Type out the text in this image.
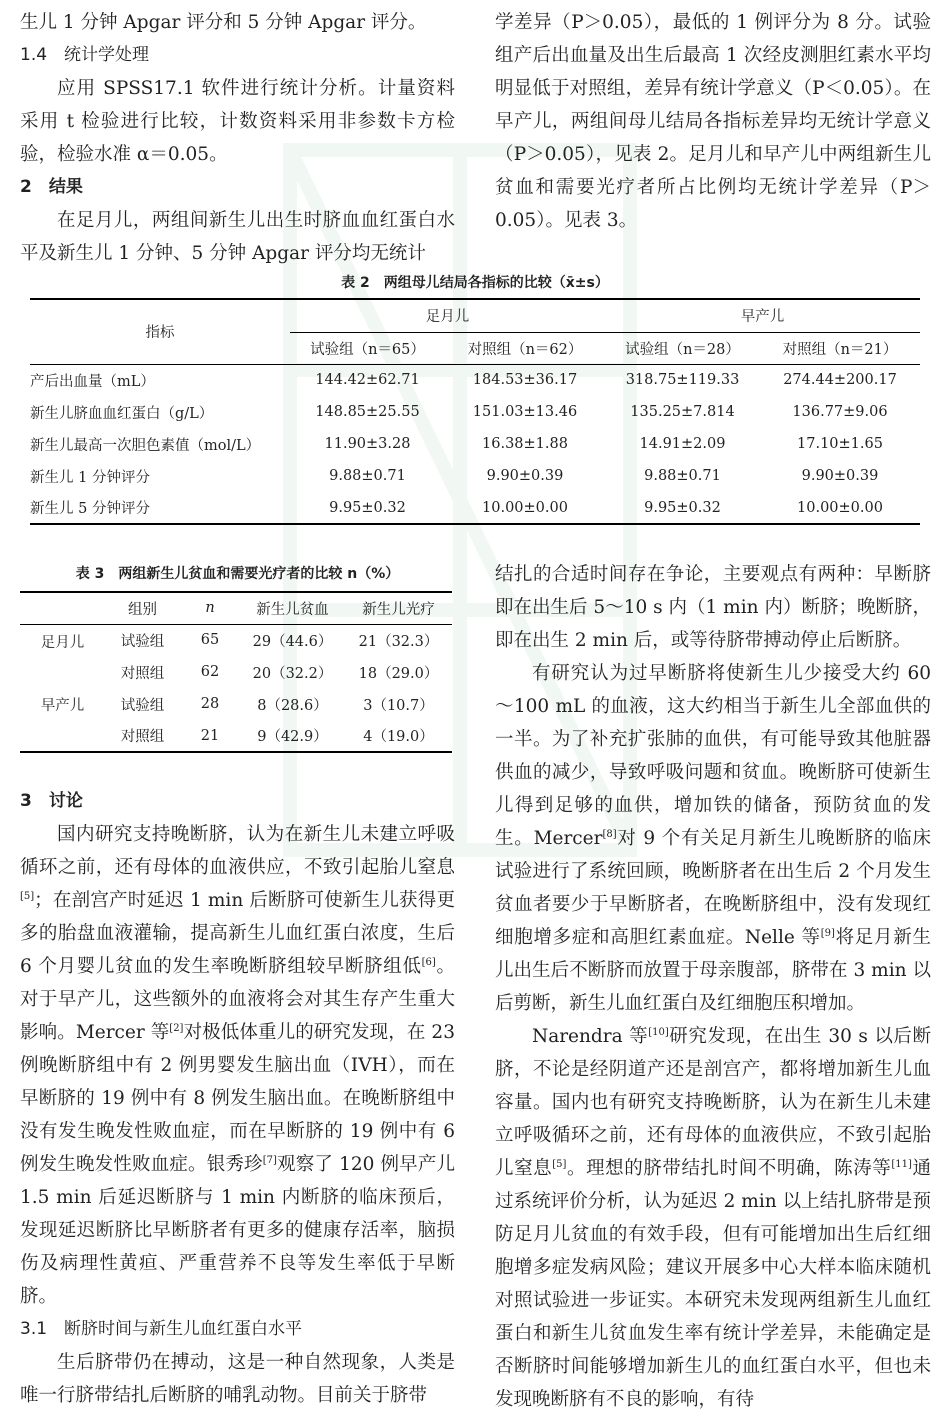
生儿 1 分钟 Apgar 评分和 5 分钟 Apgar 评分。

1.4　统计学处理

应用 SPSS17.1 软件进行统计分析。计量资料采用 t 检验进行比较，计数资料采用非参数卡方检验，检验水准 α＝0.05。

2　结果

在足月儿，两组间新生儿出生时脐血血红蛋白水平及新生儿 1 分钟、5 分钟 Apgar 评分均无统计

学差异（P＞0.05），最低的 1 例评分为 8 分。试验组产后出血量及出生后最高 1 次经皮测胆红素水平均明显低于对照组，差异有统计学意义（P＜0.05）。在早产儿，两组间母儿结局各指标差异均无统计学意义（P＞0.05），见表 2。足月儿和早产儿中两组新生儿贫血和需要光疗者所占比例均无统计学差异（P＞0.05）。见表 3。

表 2　两组母儿结局各指标的比较（x̄±s）
指标	足月儿		早产儿	
	试验组（n＝65）	对照组（n＝62）	试验组（n＝28）	对照组（n＝21）
产后出血量（mL）	144.42±62.71	184.53±36.17	318.75±119.33	274.44±200.17
新生儿脐血血红蛋白（g/L）	148.85±25.55	151.03±13.46	135.25±7.814	136.77±9.06
新生儿最高一次胆色素值（mol/L）	11.90±3.28	16.38±1.88	14.91±2.09	17.10±1.65
新生儿 1 分钟评分	9.88±0.71	9.90±0.39	9.88±0.71	9.90±0.39
新生儿 5 分钟评分	9.95±0.32	10.00±0.00	9.95±0.32	10.00±0.00
表 3　两组新生儿贫血和需要光疗者的比较 n（%）
	组别	n	新生儿贫血	新生儿光疗
足月儿	试验组	65	29（44.6）	21（32.3）
	对照组	62	20（32.2）	18（29.0）
早产儿	试验组	28	8（28.6）	3（10.7）
	对照组	21	9（42.9）	4（19.0）

3　讨论

国内研究支持晚断脐，认为在新生儿未建立呼吸循环之前，还有母体的血液供应，不致引起胎儿窒息[5]；在剖宫产时延迟 1 min 后断脐可使新生儿获得更多的胎盘血液灌输，提高新生儿血红蛋白浓度，生后 6 个月婴儿贫血的发生率晚断脐组较早断脐组低[6]。对于早产儿，这些额外的血液将会对其生存产生重大影响。Mercer 等[2]对极低体重儿的研究发现，在 23 例晚断脐组中有 2 例男婴发生脑出血（IVH），而在早断脐的 19 例中有 8 例发生脑出血。在晚断脐组中没有发生晚发性败血症，而在早断脐的 19 例中有 6 例发生晚发性败血症。银秀珍[7]观察了 120 例早产儿 1.5 min 后延迟断脐与 1 min 内断脐的临床预后，发现延迟断脐比早断脐者有更多的健康存活率，脑损伤及病理性黄疸、严重营养不良等发生率低于早断脐。

3.1　断脐时间与新生儿血红蛋白水平

生后脐带仍在搏动，这是一种自然现象，人类是唯一行脐带结扎后断脐的哺乳动物。目前关于脐带

结扎的合适时间存在争论，主要观点有两种：早断脐即在出生后 5～10 s 内（1 min 内）断脐；晚断脐，即在出生 2 min 后，或等待脐带搏动停止后断脐。

有研究认为过早断脐将使新生儿少接受大约 60～100 mL 的血液，这大约相当于新生儿全部血供的一半。为了补充扩张肺的血供，有可能导致其他脏器供血的减少，导致呼吸问题和贫血。晚断脐可使新生儿得到足够的血供，增加铁的储备，预防贫血的发生。Mercer[8]对 9 个有关足月新生儿晚断脐的临床试验进行了系统回顾，晚断脐者在出生后 2 个月发生贫血者要少于早断脐者，在晚断脐组中，没有发现红细胞增多症和高胆红素血症。Nelle 等[9]将足月新生儿出生后不断脐而放置于母亲腹部，脐带在 3 min 以后剪断，新生儿血红蛋白及红细胞压积增加。

Narendra 等[10]研究发现，在出生 30 s 以后断脐，不论是经阴道产还是剖宫产，都将增加新生儿血容量。国内也有研究支持晚断脐，认为在新生儿未建立呼吸循环之前，还有母体的血液供应，不致引起胎儿窒息[5]。理想的脐带结扎时间不明确，陈涛等[11]通过系统评价分析，认为延迟 2 min 以上结扎脐带是预防足月儿贫血的有效手段，但有可能增加出生后红细胞增多症发病风险；建议开展多中心大样本临床随机对照试验进一步证实。本研究未发现两组新生儿血红蛋白和新生儿贫血发生率有统计学差异，未能确定是否断脐时间能够增加新生儿的血红蛋白水平，但也未发现晚断脐有不良的影响，有待
